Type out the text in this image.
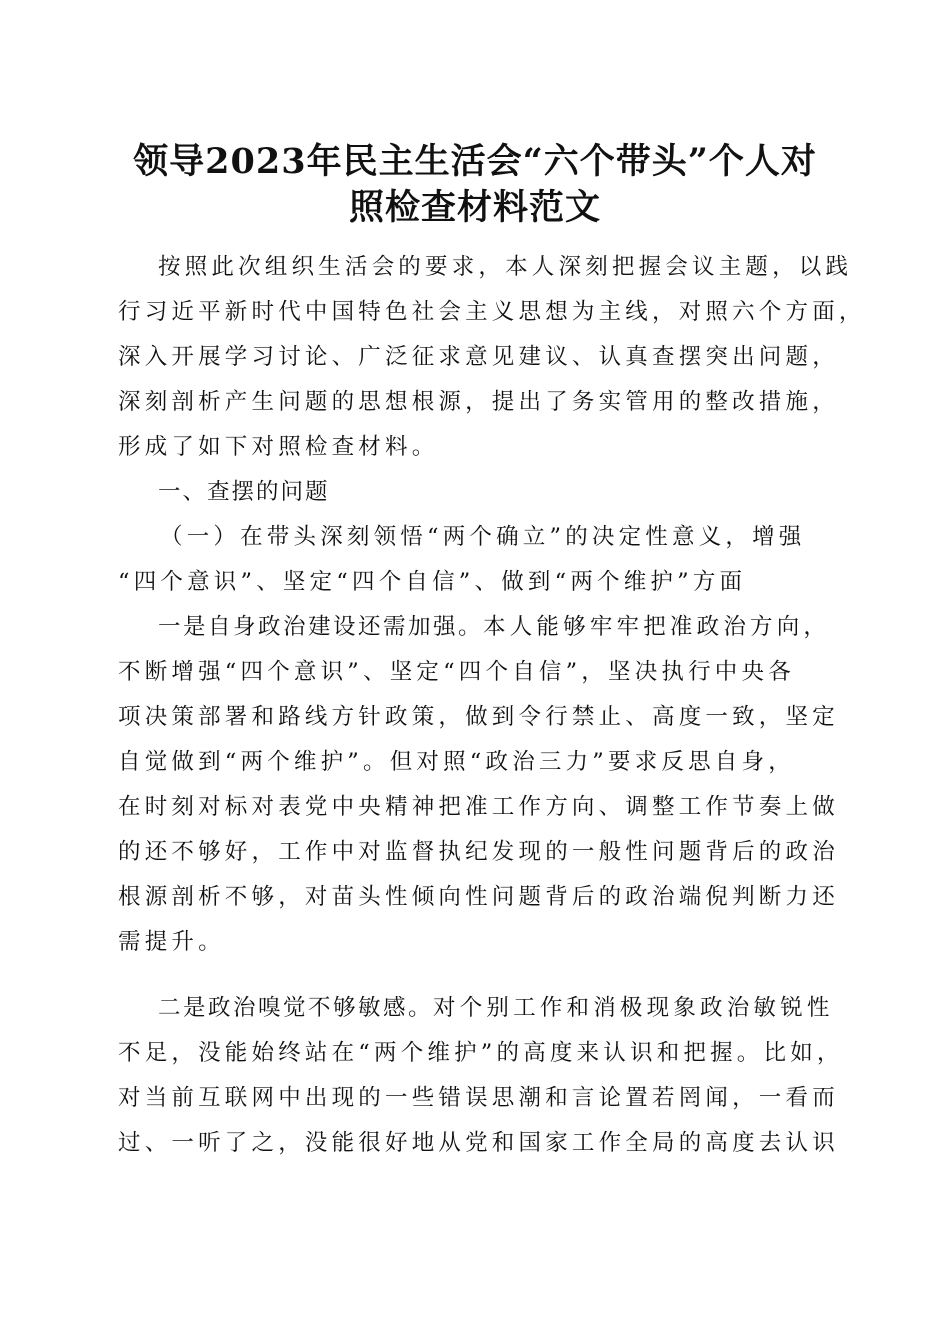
领导2023年民主生活会“六个带头”个人对
照检查材料范文
按照此次组织生活会的要求，本人深刻把握会议主题，以践
行习近平新时代中国特色社会主义思想为主线，对照六个方面，
深入开展学习讨论、广泛征求意见建议、认真查摆突出问题，
深刻剖析产生问题的思想根源，提出了务实管用的整改措施，
形成了如下对照检查材料。
一、查摆的问题
（一）在带头深刻领悟“两个确立”的决定性意义，增强
“四个意识”、坚定“四个自信”、做到“两个维护”方面
一是自身政治建设还需加强。本人能够牢牢把准政治方向，
不断增强“四个意识”、坚定“四个自信”，坚决执行中央各
项决策部署和路线方针政策，做到令行禁止、高度一致，坚定
自觉做到“两个维护”。但对照“政治三力”要求反思自身，
在时刻对标对表党中央精神把准工作方向、调整工作节奏上做
的还不够好，工作中对监督执纪发现的一般性问题背后的政治
根源剖析不够，对苗头性倾向性问题背后的政治端倪判断力还
需提升。
二是政治嗅觉不够敏感。对个别工作和消极现象政治敏锐性
不足，没能始终站在“两个维护”的高度来认识和把握。比如，
对当前互联网中出现的一些错误思潮和言论置若罔闻，一看而
过、一听了之，没能很好地从党和国家工作全局的高度去认识
